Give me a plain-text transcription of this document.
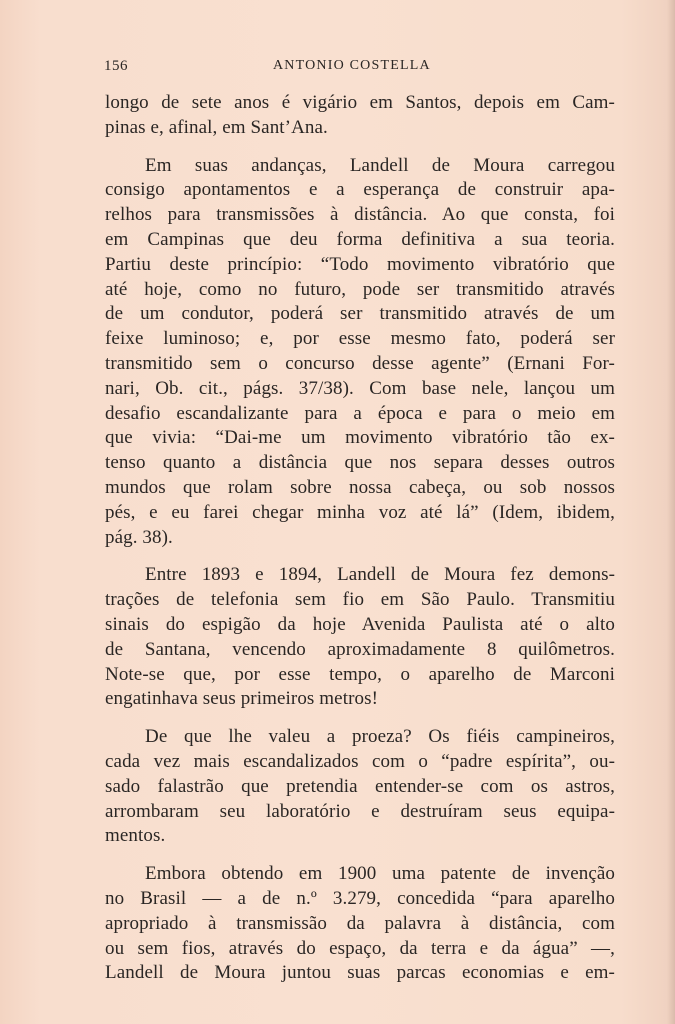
156	ANTONIO COSTELLA

longo de sete anos é vigário em Santos, depois em Cam-
pinas e, afinal, em Sant’Ana.

Em suas andanças, Landell de Moura carregou
consigo apontamentos e a esperança de construir apa-
relhos para transmissões à distância. Ao que consta, foi
em Campinas que deu forma definitiva a sua teoria.
Partiu deste princípio: “Todo movimento vibratório que
até hoje, como no futuro, pode ser transmitido através
de um condutor, poderá ser transmitido através de um
feixe luminoso; e, por esse mesmo fato, poderá ser
transmitido sem o concurso desse agente” (Ernani For-
nari, Ob. cit., págs. 37/38). Com base nele, lançou um
desafio escandalizante para a época e para o meio em
que vivia: “Dai-me um movimento vibratório tão ex-
tenso quanto a distância que nos separa desses outros
mundos que rolam sobre nossa cabeça, ou sob nossos
pés, e eu farei chegar minha voz até lá” (Idem, ibidem,
pág. 38).

Entre 1893 e 1894, Landell de Moura fez demons-
trações de telefonia sem fio em São Paulo. Transmitiu
sinais do espigão da hoje Avenida Paulista até o alto
de Santana, vencendo aproximadamente 8 quilômetros.
Note-se que, por esse tempo, o aparelho de Marconi
engatinhava seus primeiros metros!

De que lhe valeu a proeza? Os fiéis campineiros,
cada vez mais escandalizados com o “padre espírita”, ou-
sado falastrão que pretendia entender-se com os astros,
arrombaram seu laboratório e destruíram seus equipa-
mentos.

Embora obtendo em 1900 uma patente de invenção
no Brasil — a de n.º 3.279, concedida “para aparelho
apropriado à transmissão da palavra à distância, com
ou sem fios, através do espaço, da terra e da água” —,
Landell de Moura juntou suas parcas economias e em-
